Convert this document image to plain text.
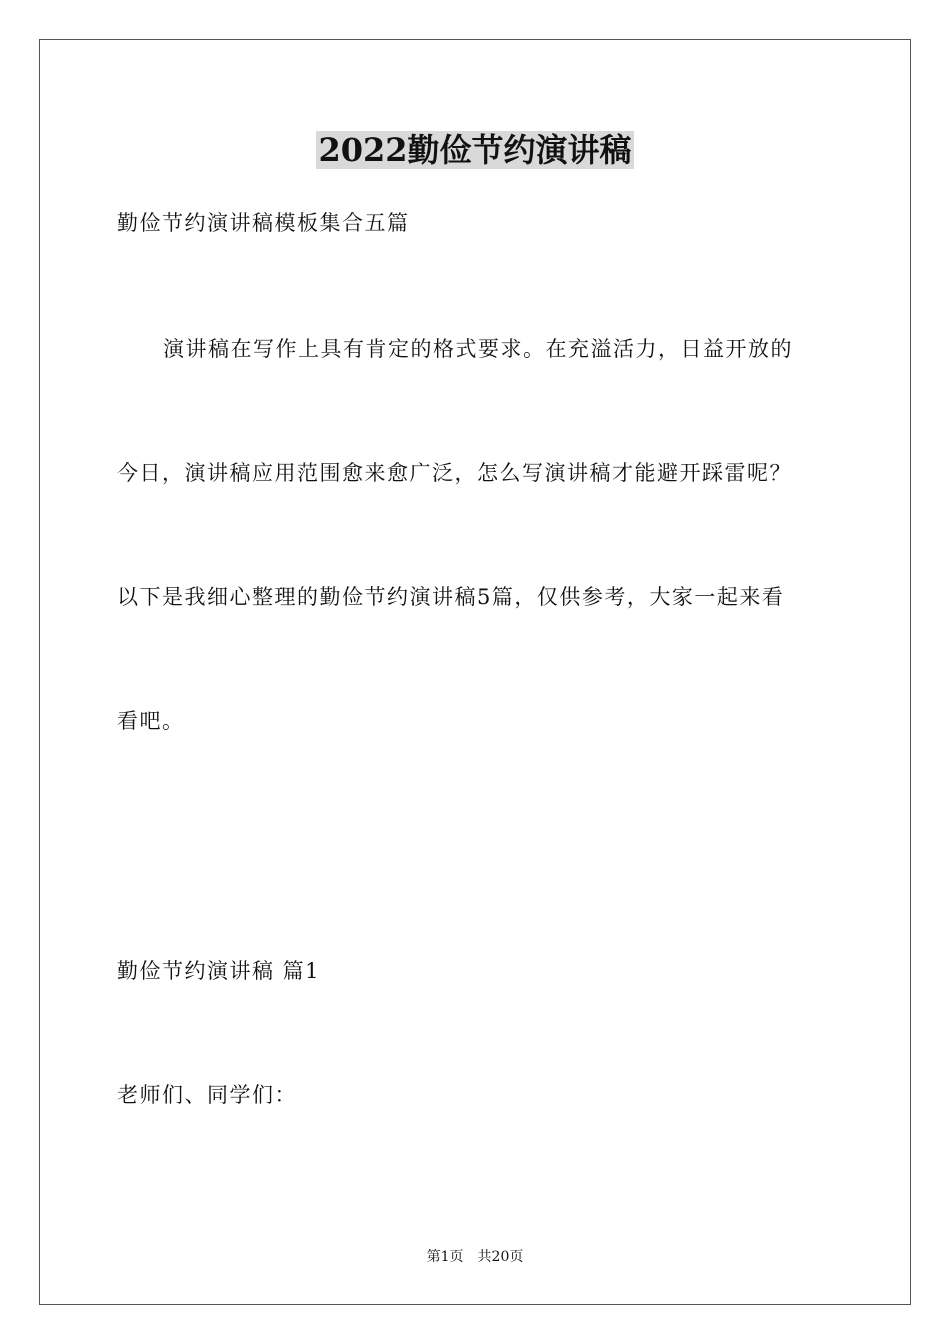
2022勤俭节约演讲稿

勤俭节约演讲稿模板集合五篇

演讲稿在写作上具有肯定的格式要求。在充溢活力，日益开放的

今日，演讲稿应用范围愈来愈广泛，怎么写演讲稿才能避开踩雷呢？

以下是我细心整理的勤俭节约演讲稿5篇，仅供参考，大家一起来看

看吧。

勤俭节约演讲稿 篇1

老师们、同学们：

第1页　共20页
